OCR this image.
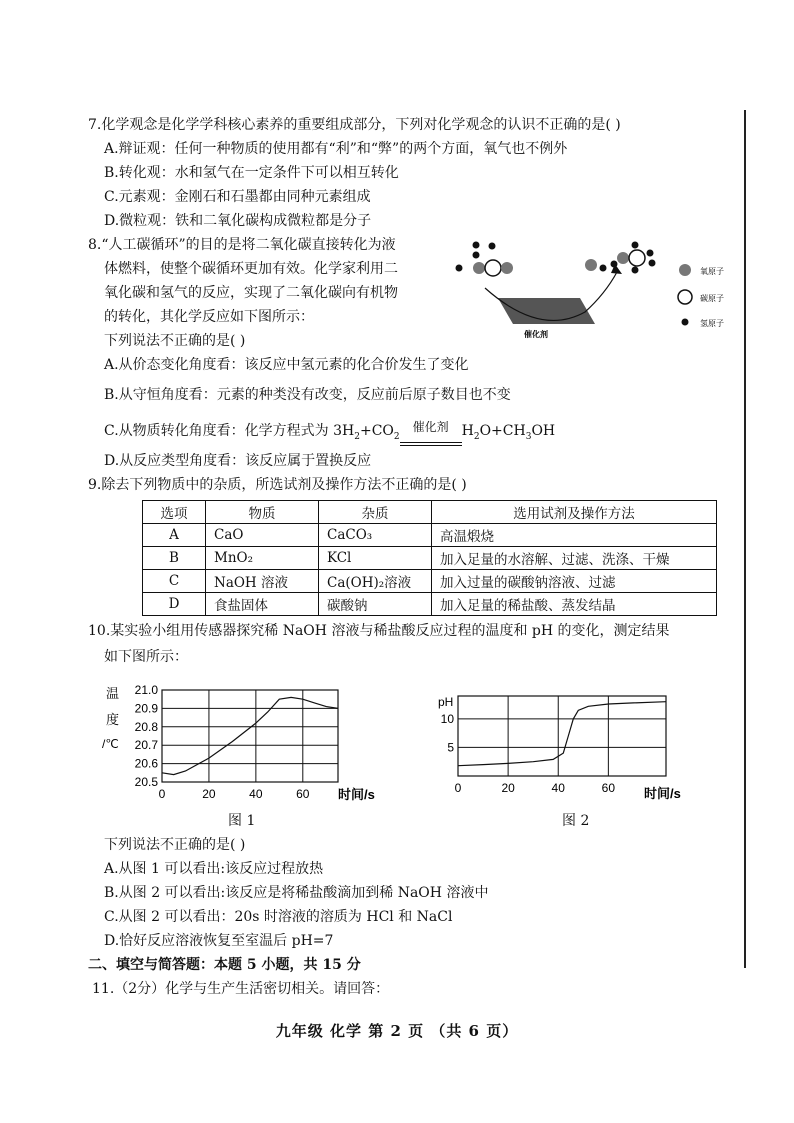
7.化学观念是化学学科核心素养的重要组成部分，下列对化学观念的认识不正确的是( )
A.辩证观：任何一种物质的使用都有“利”和“弊”的两个方面，氧气也不例外
B.转化观：水和氢气在一定条件下可以相互转化
C.元素观：金刚石和石墨都由同种元素组成
D.微粒观：铁和二氧化碳构成微粒都是分子
8.“人工碳循环”的目的是将二氧化碳直接转化为液
体燃料，使整个碳循环更加有效。化学家利用二
氧化碳和氢气的反应，实现了二氧化碳向有机物
的转化，其化学反应如下图所示：
下列说法不正确的是( )	催化剂
氧原子
碳原子
氢原子
A.从价态变化角度看：该反应中氢元素的化合价发生了变化
B.从守恒角度看：元素的种类没有改变，反应前后原子数目也不变
C.从物质转化角度看：化学方程式为 $3H_2+CO_2$
催化剂 $H_2O+CH_3OH$
D.从反应类型角度看：该反应属于置换反应
9.除去下列物质中的杂质，所选试剂及操作方法不正确的是( )
选项	物质	杂质	选用试剂及操作方法
A	CaO	CaCO₃	高温煅烧
B	MnO₂	KCl	加入足量的水溶解、过滤、洗涤、干燥
C	NaOH 溶液	Ca(OH)₂溶液	加入过量的碳酸钠溶液、过滤
D	食盐固体	碳酸钠	加入足量的稀盐酸、蒸发结晶
10.某实验小组用传感器探究稀 NaOH 溶液与稀盐酸反应过程的温度和 pH 的变化，测定结果
如下图所示：
温
度
/℃
0	20	40	60
20.5
20.6
20.7
20.8
20.9
21.0
时间/s
图 1
pH
0	20	40	60
5
10
时间/s
图 2
下列说法不正确的是( )
A.从图 1 可以看出:该反应过程放热
B.从图 2 可以看出:该反应是将稀盐酸滴加到稀 NaOH 溶液中
C.从图 2 可以看出：20s 时溶液的溶质为 HCl 和 NaCl
D.恰好反应溶液恢复至室温后 pH=7
二、填空与简答题：本题 5 小题，共 15 分
11.（2分）化学与生产生活密切相关。请回答：
九年级 化学 第 2 页 （共 6 页）
